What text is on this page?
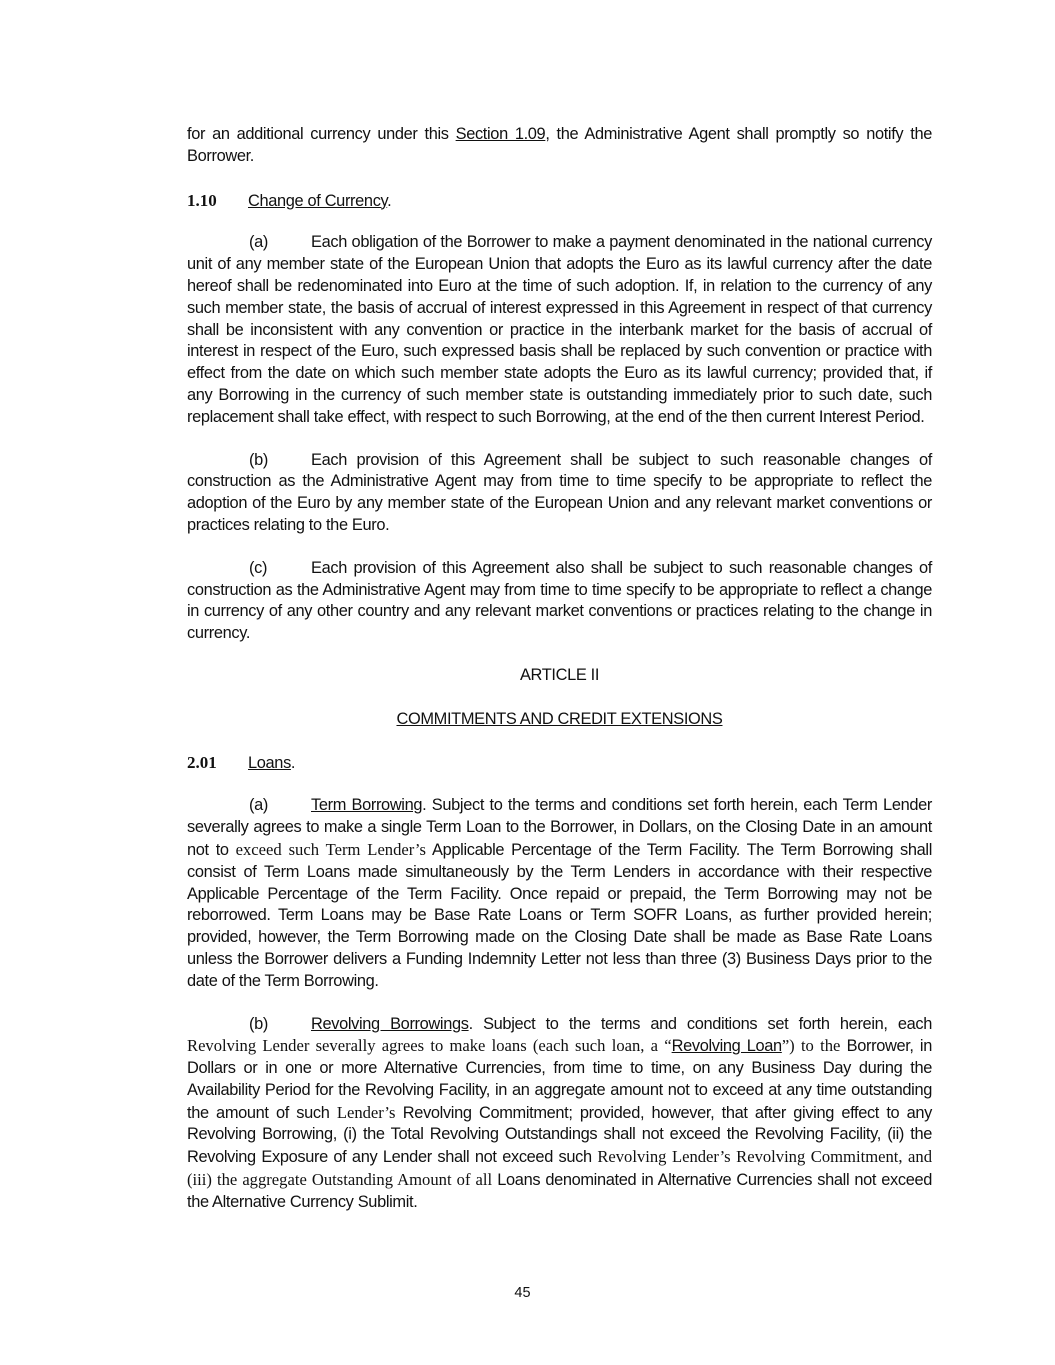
for an additional currency under this Section 1.09, the Administrative Agent shall promptly so notify the Borrower.

1.10	Change of Currency.

(a)	Each obligation of the Borrower to make a payment denominated in the national currency unit of any member state of the European Union that adopts the Euro as its lawful currency after the date hereof shall be redenominated into Euro at the time of such adoption. If, in relation to the currency of any such member state, the basis of accrual of interest expressed in this Agreement in respect of that currency shall be inconsistent with any convention or practice in the interbank market for the basis of accrual of interest in respect of the Euro, such expressed basis shall be replaced by such convention or practice with effect from the date on which such member state adopts the Euro as its lawful currency; provided that, if any Borrowing in the currency of such member state is outstanding immediately prior to such date, such replacement shall take effect, with respect to such Borrowing, at the end of the then current Interest Period.

(b)	Each provision of this Agreement shall be subject to such reasonable changes of construction as the Administrative Agent may from time to time specify to be appropriate to reflect the adoption of the Euro by any member state of the European Union and any relevant market conventions or practices relating to the Euro.

(c)	Each provision of this Agreement also shall be subject to such reasonable changes of construction as the Administrative Agent may from time to time specify to be appropriate to reflect a change in currency of any other country and any relevant market conventions or practices relating to the change in currency.

ARTICLE II

COMMITMENTS AND CREDIT EXTENSIONS

2.01	Loans.

(a)	Term Borrowing. Subject to the terms and conditions set forth herein, each Term Lender severally agrees to make a single Term Loan to the Borrower, in Dollars, on the Closing Date in an amount not to exceed such Term Lender’s Applicable Percentage of the Term Facility. The Term Borrowing shall consist of Term Loans made simultaneously by the Term Lenders in accordance with their respective Applicable Percentage of the Term Facility. Once repaid or prepaid, the Term Borrowing may not be reborrowed. Term Loans may be Base Rate Loans or Term SOFR Loans, as further provided herein; provided, however, the Term Borrowing made on the Closing Date shall be made as Base Rate Loans unless the Borrower delivers a Funding Indemnity Letter not less than three (3) Business Days prior to the date of the Term Borrowing.

(b)	Revolving Borrowings. Subject to the terms and conditions set forth herein, each Revolving Lender severally agrees to make loans (each such loan, a “Revolving Loan”) to the Borrower, in Dollars or in one or more Alternative Currencies, from time to time, on any Business Day during the Availability Period for the Revolving Facility, in an aggregate amount not to exceed at any time outstanding the amount of such Lender’s Revolving Commitment; provided, however, that after giving effect to any Revolving Borrowing, (i) the Total Revolving Outstandings shall not exceed the Revolving Facility, (ii) the Revolving Exposure of any Lender shall not exceed such Revolving Lender’s Revolving Commitment, and (iii) the aggregate Outstanding Amount of all Loans denominated in Alternative Currencies shall not exceed the Alternative Currency Sublimit.

45
